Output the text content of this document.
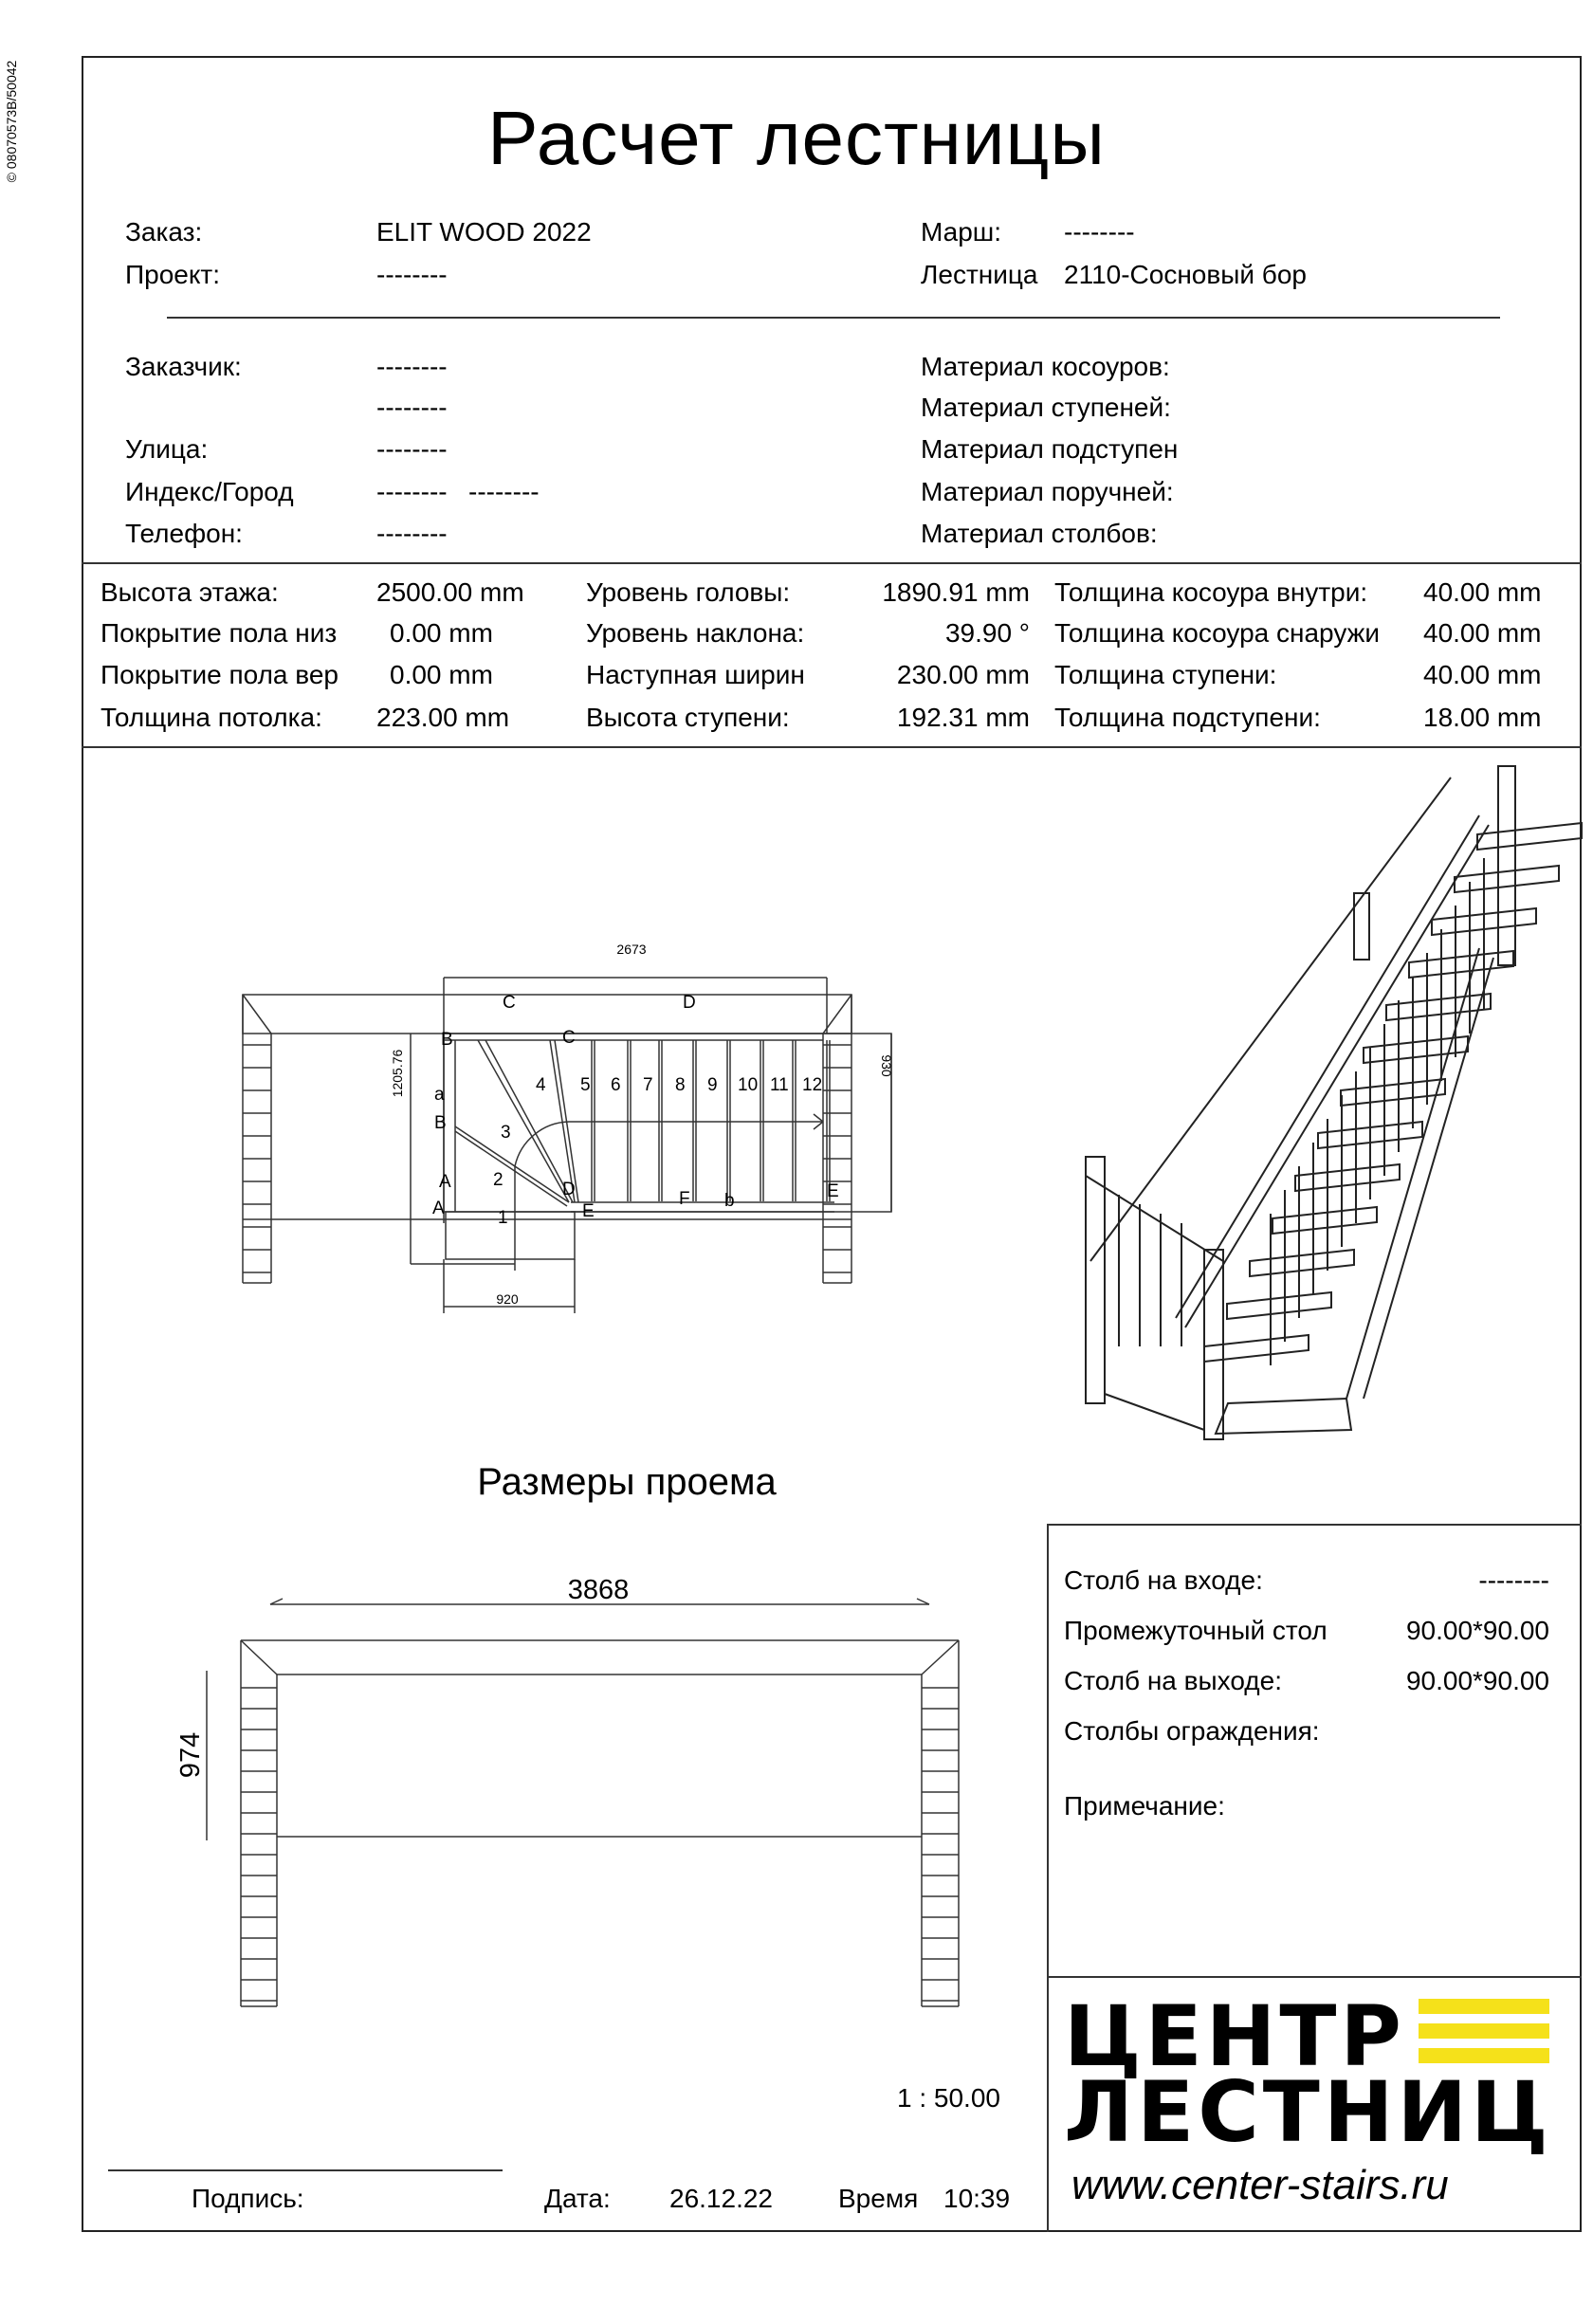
© 08070573B/50042	Расчет лестницы
Заказ:	ELIT WOOD 2022
Проект:	--------
Марш: --------
Лестница 2110-Сосновый бор
Заказчик:	--------
--------
Улица:	--------
Индекс/Город	-------- --------
Телефон:	--------
Материал косоуров:
Материал ступеней:
Материал подступен
Материал поручней:
Материал столбов:
Высота этажа:	2500.00 mm Уровень головы:	1890.91 mm Толщина косоура внутри: 40.00 mm
Покрытие пола низ 0.00 mm	Уровень наклона:	39.90 ° Толщина косоура снаружи 40.00 mm
Покрытие пола вер 0.00 mm	Наступная ширин	230.00 mm Толщина ступени:	40.00 mm
Толщина потолка: 223.00 mm	Высота ступени:	192.31 mm Толщина подступени:	18.00 mm
2673
1205.76	930
920
C	D
B	C
a
B
A
A
D
E
F b	E
1
2
3
4 5 6 7 8 9 10 11 12
Размеры проема
3868
974
Столб на входе:	--------
Промежуточный стол	90.00*90.00
Столб на выходе:	90.00*90.00
Столбы ограждения:
Примечание:
ЦЕНТР
ЛЕСТНИЦ
www.center-stairs.ru
1 : 50.00
Подпись:	Дата: 26.12.22 Время 10:39
